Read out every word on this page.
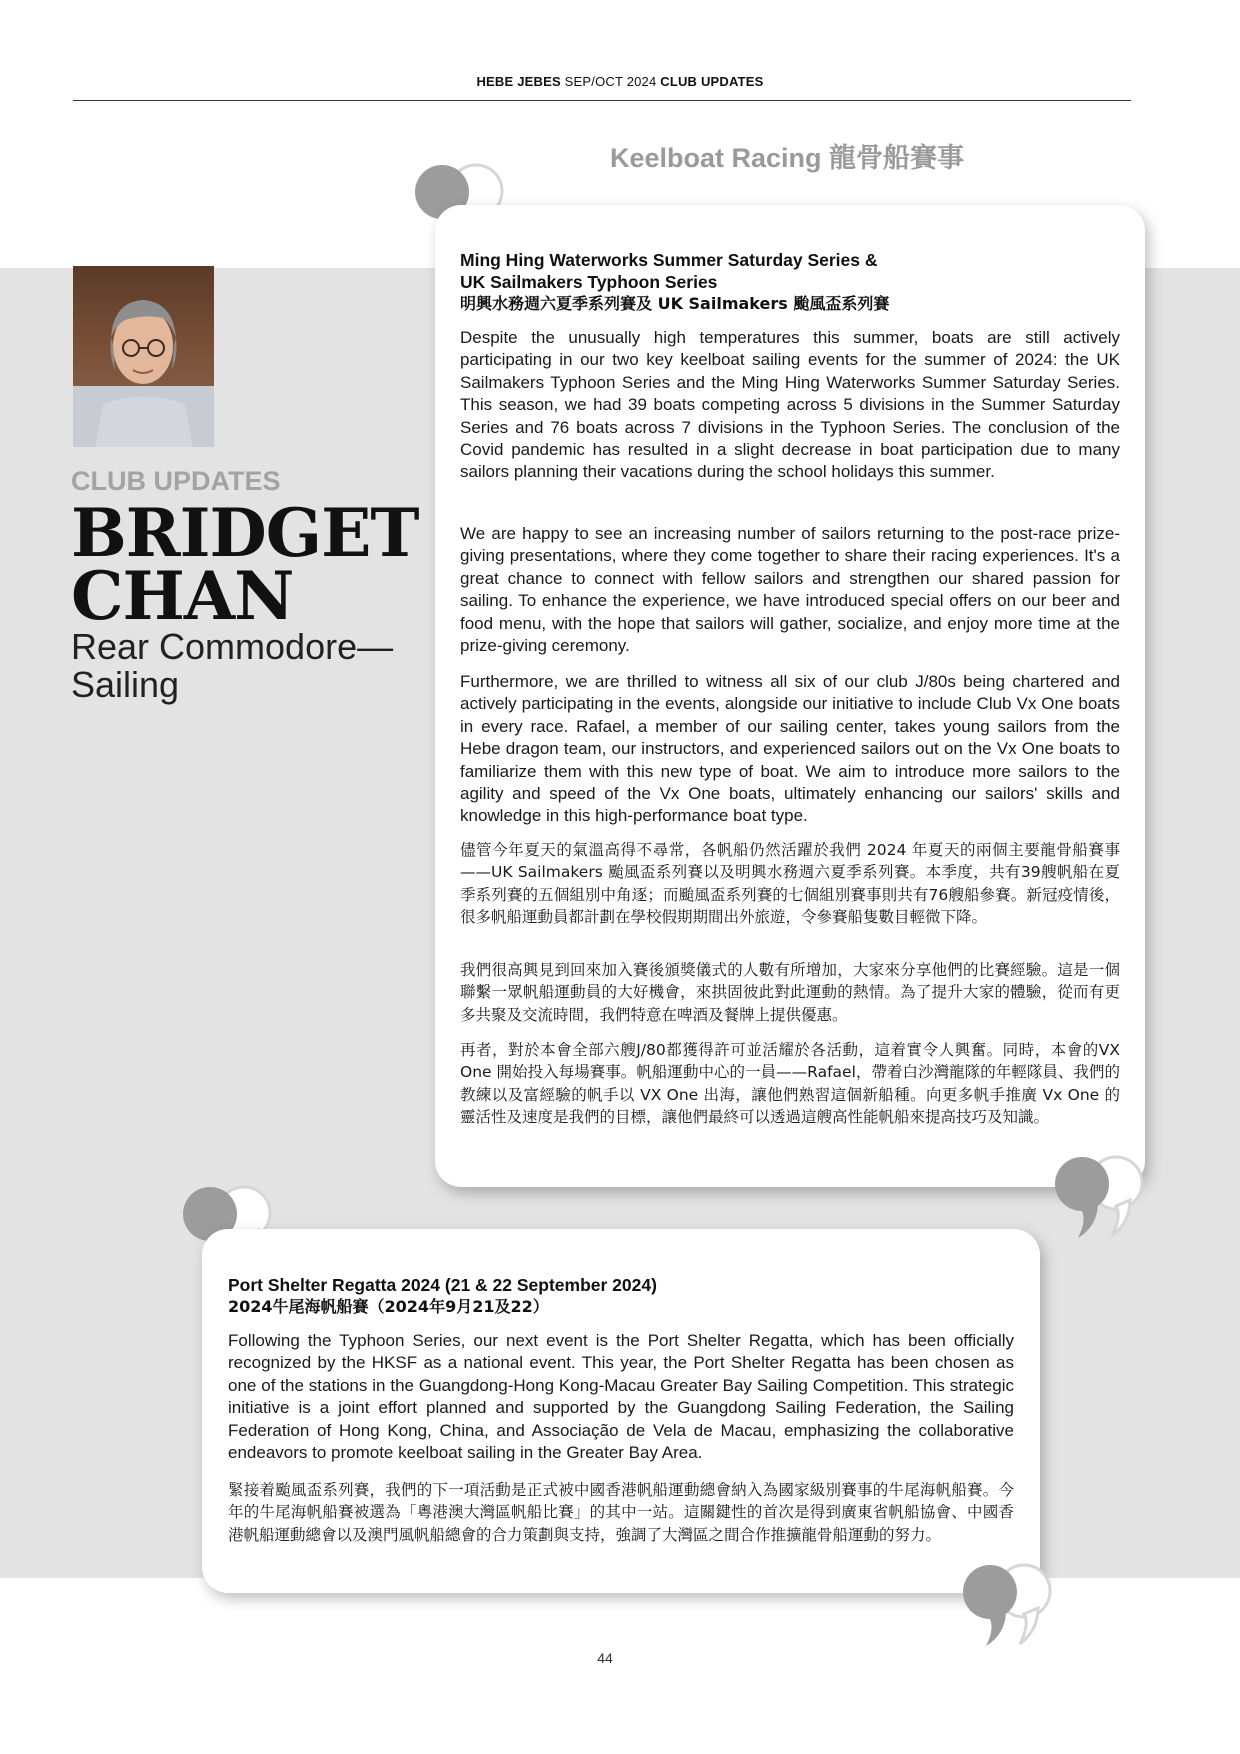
HEBE JEBES SEP/OCT 2024 CLUB UPDATES
Keelboat Racing 龍骨船賽事
CLUB UPDATES
BRIDGET
CHAN
Rear Commodore—Sailing
Ming Hing Waterworks Summer Saturday Series &
UK Sailmakers Typhoon Series
明興水務週六夏季系列賽及 UK Sailmakers 颱風盃系列賽

Despite the unusually high temperatures this summer, boats are still actively participating in our two key keelboat sailing events for the summer of 2024: the UK Sailmakers Typhoon Series and the Ming Hing Waterworks Summer Saturday Series. This season, we had 39 boats competing across 5 divisions in the Summer Saturday Series and 76 boats across 7 divisions in the Typhoon Series. The conclusion of the Covid pandemic has resulted in a slight decrease in boat participation due to many sailors planning their vacations during the school holidays this summer.

We are happy to see an increasing number of sailors returning to the post-race prize-giving presentations, where they come together to share their racing experiences. It's a great chance to connect with fellow sailors and strengthen our shared passion for sailing. To enhance the experience, we have introduced special offers on our beer and food menu, with the hope that sailors will gather, socialize, and enjoy more time at the prize-giving ceremony.

Furthermore, we are thrilled to witness all six of our club J/80s being chartered and actively participating in the events, alongside our initiative to include Club Vx One boats in every race. Rafael, a member of our sailing center, takes young sailors from the Hebe dragon team, our instructors, and experienced sailors out on the Vx One boats to familiarize them with this new type of boat. We aim to introduce more sailors to the agility and speed of the Vx One boats, ultimately enhancing our sailors' skills and knowledge in this high-performance boat type.

儘管今年夏天的氣溫高得不尋常，各帆船仍然活躍於我們 2024 年夏天的兩個主要龍骨船賽事——UK Sailmakers 颱風盃系列賽以及明興水務週六夏季系列賽。本季度，共有39艘帆船在夏季系列賽的五個組別中角逐；而颱風盃系列賽的七個組別賽事則共有76艘船參賽。新冠疫情後，很多帆船運動員都計劃在學校假期期間出外旅遊，令參賽船隻數目輕微下降。

我們很高興見到回來加入賽後頒獎儀式的人數有所增加，大家來分享他們的比賽經驗。這是一個聯繫一眾帆船運動員的大好機會，來拱固彼此對此運動的熱情。為了提升大家的體驗，從而有更多共聚及交流時間，我們特意在啤酒及餐牌上提供優惠。

再者，對於本會全部六艘J/80都獲得許可並活耀於各活動，這着實令人興奮。同時，本會的VX One 開始投入每場賽事。帆船運動中心的一員——Rafael，帶着白沙灣龍隊的年輕隊員、我們的教練以及富經驗的帆手以 VX One 出海，讓他們熟習這個新船種。向更多帆手推廣 Vx One 的靈活性及速度是我們的目標，讓他們最終可以透過這艘高性能帆船來提高技巧及知識。

Port Shelter Regatta 2024 (21 & 22 September 2024)
2024牛尾海帆船賽（2024年9月21及22）

Following the Typhoon Series, our next event is the Port Shelter Regatta, which has been officially recognized by the HKSF as a national event. This year, the Port Shelter Regatta has been chosen as one of the stations in the Guangdong-Hong Kong-Macau Greater Bay Sailing Competition. This strategic initiative is a joint effort planned and supported by the Guangdong Sailing Federation, the Sailing Federation of Hong Kong, China, and Associação de Vela de Macau, emphasizing the collaborative endeavors to promote keelboat sailing in the Greater Bay Area.

緊接着颱風盃系列賽，我們的下一項活動是正式被中國香港帆船運動總會納入為國家級別賽事的牛尾海帆船賽。今年的牛尾海帆船賽被選為「粵港澳大灣區帆船比賽」的其中一站。這關鍵性的首次是得到廣東省帆船協會、中國香港帆船運動總會以及澳門風帆船總會的合力策劃與支持，強調了大灣區之間合作推擴龍骨船運動的努力。

44
